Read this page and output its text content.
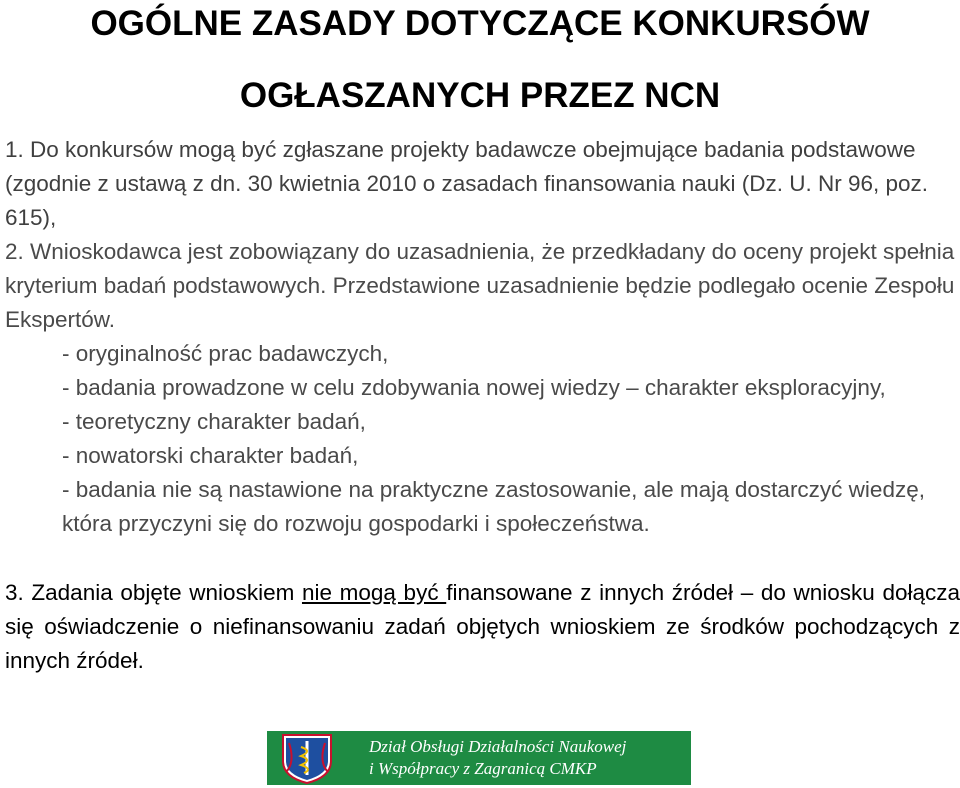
OGÓLNE ZASADY DOTYCZĄCE KONKURSÓW
OGŁASZANYCH PRZEZ NCN
1. Do konkursów mogą być zgłaszane projekty badawcze obejmujące badania podstawowe (zgodnie z ustawą z dn. 30 kwietnia 2010 o zasadach finansowania nauki (Dz. U. Nr 96, poz. 615),
2. Wnioskodawca jest zobowiązany do uzasadnienia, że przedkładany do oceny projekt spełnia kryterium badań podstawowych. Przedstawione uzasadnienie będzie podlegało ocenie Zespołu Ekspertów.
- oryginalność prac badawczych,
- badania prowadzone w celu zdobywania nowej wiedzy – charakter eksploracyjny,
- teoretyczny charakter badań,
- nowatorski charakter badań,
- badania nie są nastawione na praktyczne zastosowanie, ale mają dostarczyć wiedzę, która przyczyni się do rozwoju gospodarki i społeczeństwa.
3. Zadania objęte wnioskiem nie mogą być finansowane z innych źródeł – do wniosku dołącza się oświadczenie o niefinansowaniu zadań objętych wnioskiem ze środków pochodzących z innych źródeł.
Dział Obsługi Działalności Naukowej
i Współpracy z Zagranicą CMKP
